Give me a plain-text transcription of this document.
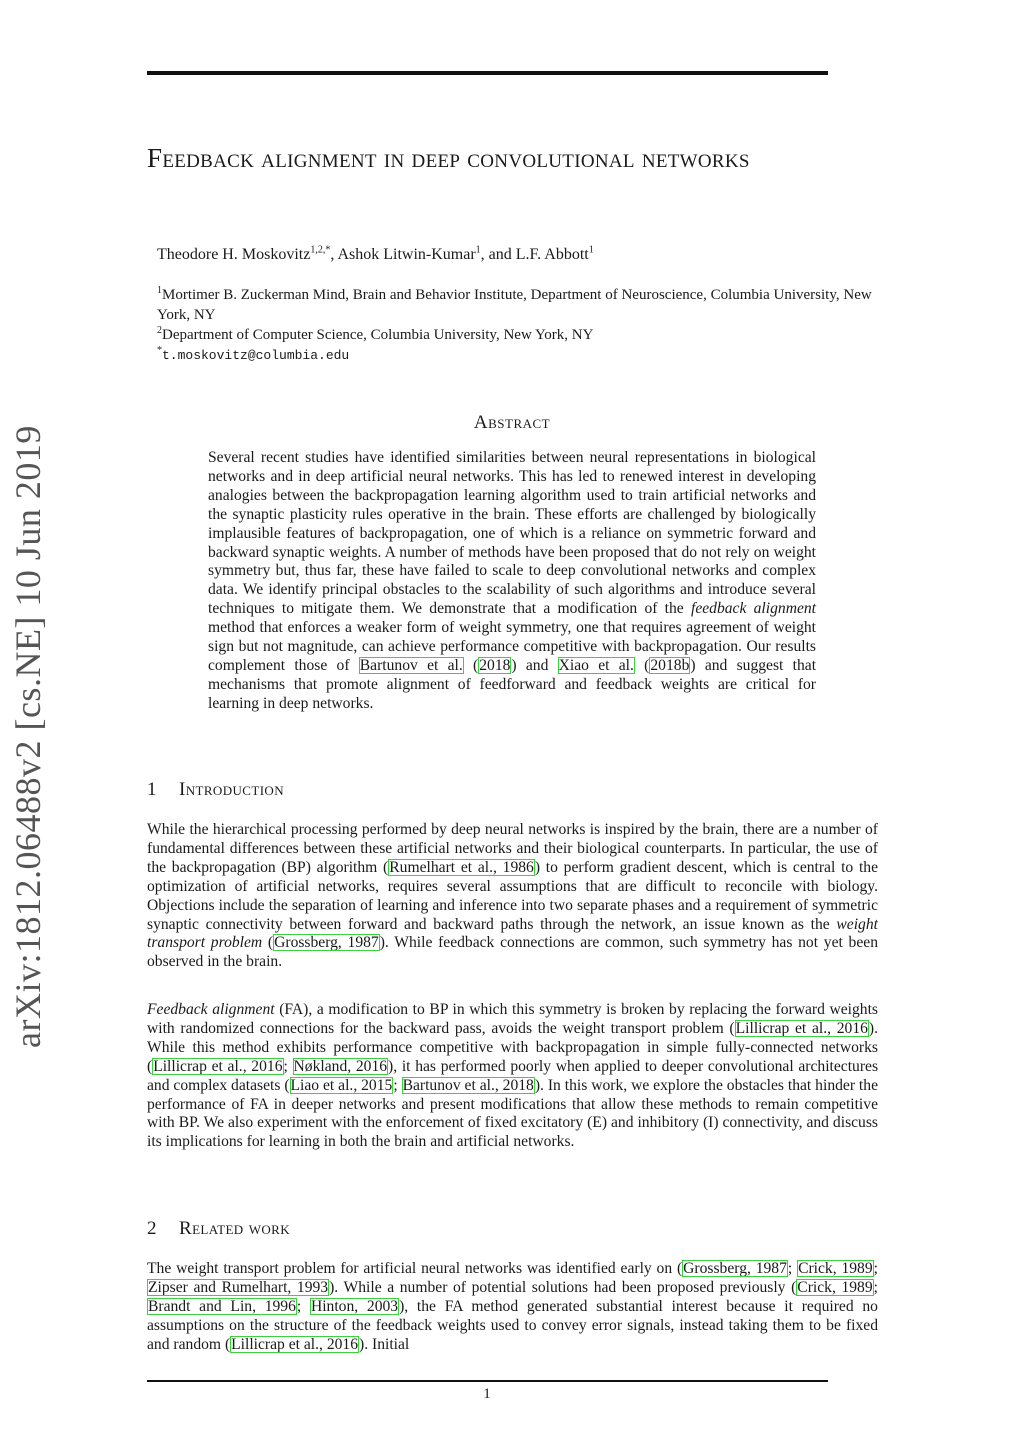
arXiv:1812.06488v2 [cs.NE] 10 Jun 2019
Feedback alignment in deep convolutional networks
Theodore H. Moskovitz$^{1,2,*}$, Ashok Litwin-Kumar$^1$, and L.F. Abbott$^1$
$^1$Mortimer B. Zuckerman Mind, Brain and Behavior Institute, Department of Neuroscience, Columbia University, New York, NY
$^2$Department of Computer Science, Columbia University, New York, NY
*t.moskovitz@columbia.edu
Abstract
Several recent studies have identified similarities between neural representations in biological networks and in deep artificial neural networks. This has led to renewed interest in developing analogies between the backpropagation learning algorithm used to train artificial networks and the synaptic plasticity rules operative in the brain. These efforts are challenged by biologically implausible features of backpropagation, one of which is a reliance on symmetric forward and backward synaptic weights. A number of methods have been proposed that do not rely on weight symmetry but, thus far, these have failed to scale to deep convolutional networks and complex data. We identify principal obstacles to the scalability of such algorithms and introduce several techniques to mitigate them. We demonstrate that a modification of the feedback alignment method that enforces a weaker form of weight symmetry, one that requires agreement of weight sign but not magnitude, can achieve performance competitive with backpropagation. Our results complement those of Bartunov et al. (2018) and Xiao et al. (2018b) and suggest that mechanisms that promote alignment of feedforward and feedback weights are critical for learning in deep networks.
1 Introduction
While the hierarchical processing performed by deep neural networks is inspired by the brain, there are a number of fundamental differences between these artificial networks and their biological counterparts. In particular, the use of the backpropagation (BP) algorithm (Rumelhart et al., 1986) to perform gradient descent, which is central to the optimization of artificial networks, requires several assumptions that are difficult to reconcile with biology. Objections include the separation of learning and inference into two separate phases and a requirement of symmetric synaptic connectivity between forward and backward paths through the network, an issue known as the weight transport problem (Grossberg, 1987). While feedback connections are common, such symmetry has not yet been observed in the brain.
Feedback alignment (FA), a modification to BP in which this symmetry is broken by replacing the forward weights with randomized connections for the backward pass, avoids the weight transport problem (Lillicrap et al., 2016). While this method exhibits performance competitive with backpropagation in simple fully-connected networks (Lillicrap et al., 2016; Nøkland, 2016), it has performed poorly when applied to deeper convolutional architectures and complex datasets (Liao et al., 2015; Bartunov et al., 2018). In this work, we explore the obstacles that hinder the performance of FA in deeper networks and present modifications that allow these methods to remain competitive with BP. We also experiment with the enforcement of fixed excitatory (E) and inhibitory (I) connectivity, and discuss its implications for learning in both the brain and artificial networks.
2 Related work
The weight transport problem for artificial neural networks was identified early on (Grossberg, 1987; Crick, 1989; Zipser and Rumelhart, 1993). While a number of potential solutions had been proposed previously (Crick, 1989; Brandt and Lin, 1996; Hinton, 2003), the FA method generated substantial interest because it required no assumptions on the structure of the feedback weights used to convey error signals, instead taking them to be fixed and random (Lillicrap et al., 2016). Initial
1
